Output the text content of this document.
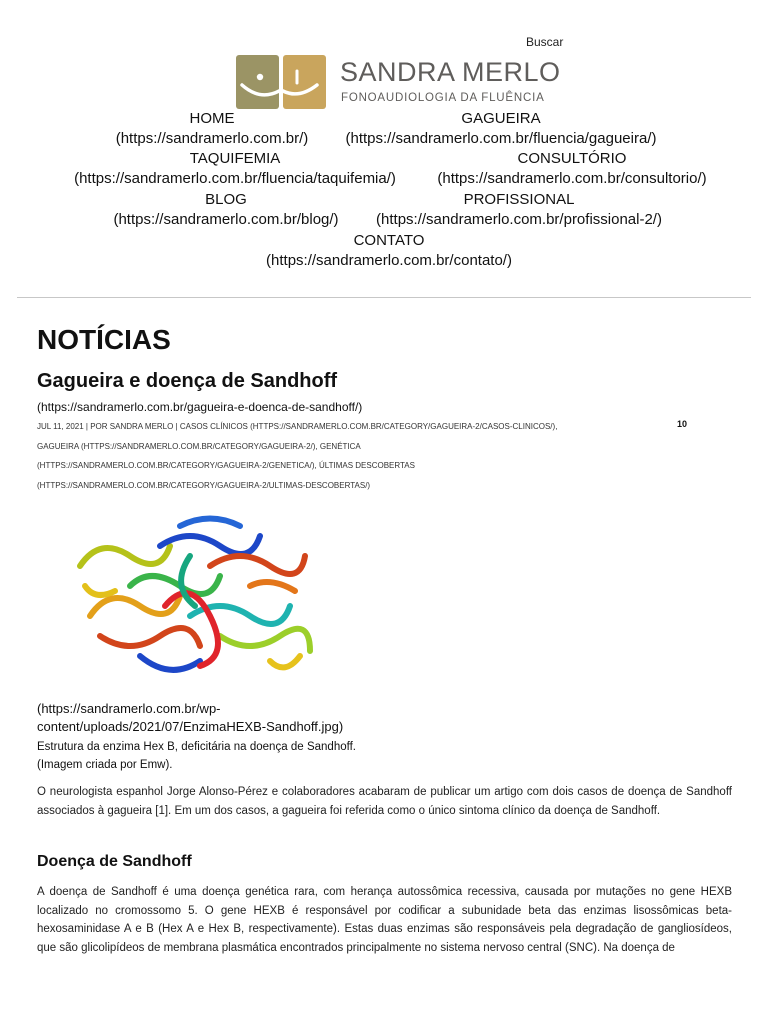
Buscar
SANDRA MERLO
FONOAUDIOLOGIA DA FLUÊNCIA
HOME
(https://sandramerlo.com.br/)
GAGUEIRA
(https://sandramerlo.com.br/fluencia/gagueira/)
TAQUIFEMIA
(https://sandramerlo.com.br/fluencia/taquifemia/)
CONSULTÓRIO
(https://sandramerlo.com.br/consultorio/)
BLOG
(https://sandramerlo.com.br/blog/)
PROFISSIONAL
(https://sandramerlo.com.br/profissional-2/)
CONTATO
(https://sandramerlo.com.br/contato/)
NOTÍCIAS
Gagueira e doença de Sandhoff
(https://sandramerlo.com.br/gagueira-e-doenca-de-sandhoff/)
JUL 11, 2021 | POR SANDRA MERLO | CASOS CLÍNICOS (HTTPS://SANDRAMERLO.COM.BR/CATEGORY/GAGUEIRA-2/CASOS-CLINICOS/), GAGUEIRA (HTTPS://SANDRAMERLO.COM.BR/CATEGORY/GAGUEIRA-2/), GENÉTICA (HTTPS://SANDRAMERLO.COM.BR/CATEGORY/GAGUEIRA-2/GENETICA/), ÚLTIMAS DESCOBERTAS (HTTPS://SANDRAMERLO.COM.BR/CATEGORY/GAGUEIRA-2/ULTIMAS-DESCOBERTAS/)
10
(https://sandramerlo.com.br/wp-content/uploads/2021/07/EnzimaHEXB-Sandhoff.jpg)
Estrutura da enzima Hex B, deficitária na doença de Sandhoff. (Imagem criada por Emw).

O neurologista espanhol Jorge Alonso-Pérez e colaboradores acabaram de publicar um artigo com dois casos de doença de Sandhoff associados à gagueira [1]. Em um dos casos, a gagueira foi referida como o único sintoma clínico da doença de Sandhoff.

Doença de Sandhoff

A doença de Sandhoff é uma doença genética rara, com herança autossômica recessiva, causada por mutações no gene HEXB localizado no cromossomo 5. O gene HEXB é responsável por codificar a subunidade beta das enzimas lisossômicas beta-hexosaminidase A e B (Hex A e Hex B, respectivamente). Estas duas enzimas são responsáveis pela degradação de gangliosídeos, que são glicolipídeos de membrana plasmática encontrados principalmente no sistema nervoso central (SNC). Na doença de
